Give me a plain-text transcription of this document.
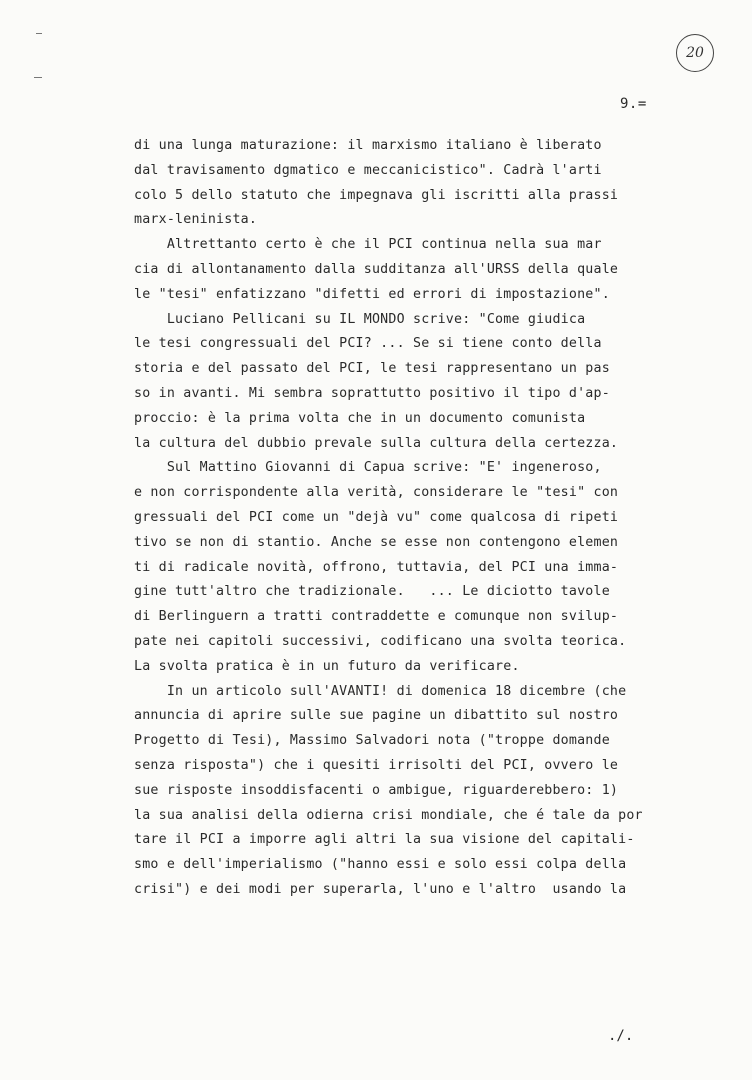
20
9.=
di una lunga maturazione: il marxismo italiano è liberato
dal travisamento dgmatico e meccanicistico". Cadrà l'arti
colo 5 dello statuto che impegnava gli iscritti alla prassi
marx-leninista.
Altrettanto certo è che il PCI continua nella sua mar
cia di allontanamento dalla sudditanza all'URSS della quale
le "tesi" enfatizzano "difetti ed errori di impostazione".
Luciano Pellicani su IL MONDO scrive: "Come giudica
le tesi congressuali del PCI? ... Se si tiene conto della
storia e del passato del PCI, le tesi rappresentano un pas
so in avanti. Mi sembra soprattutto positivo il tipo d'ap-
proccio: è la prima volta che in un documento comunista
la cultura del dubbio prevale sulla cultura della certezza.
Sul Mattino Giovanni di Capua scrive: "E' ingeneroso,
e non corrispondente alla verità, considerare le "tesi" con
gressuali del PCI come un "dejà vu" come qualcosa di ripeti
tivo se non di stantio. Anche se esse non contengono elemen
ti di radicale novità, offrono, tuttavia, del PCI una imma-
gine tutt'altro che tradizionale.   ... Le diciotto tavole
di Berlinguern a tratti contraddette e comunque non svilup-
pate nei capitoli successivi, codificano una svolta teorica.
La svolta pratica è in un futuro da verificare.
In un articolo sull'AVANTI! di domenica 18 dicembre (che
annuncia di aprire sulle sue pagine un dibattito sul nostro
Progetto di Tesi), Massimo Salvadori nota ("troppe domande
senza risposta") che i quesiti irrisolti del PCI, ovvero le
sue risposte insoddisfacenti o ambigue, riguarderebbero: 1)
la sua analisi della odierna crisi mondiale, che é tale da por
tare il PCI a imporre agli altri la sua visione del capitali-
smo e dell'imperialismo ("hanno essi e solo essi colpa della
crisi") e dei modi per superarla, l'uno e l'altro  usando la
./.
